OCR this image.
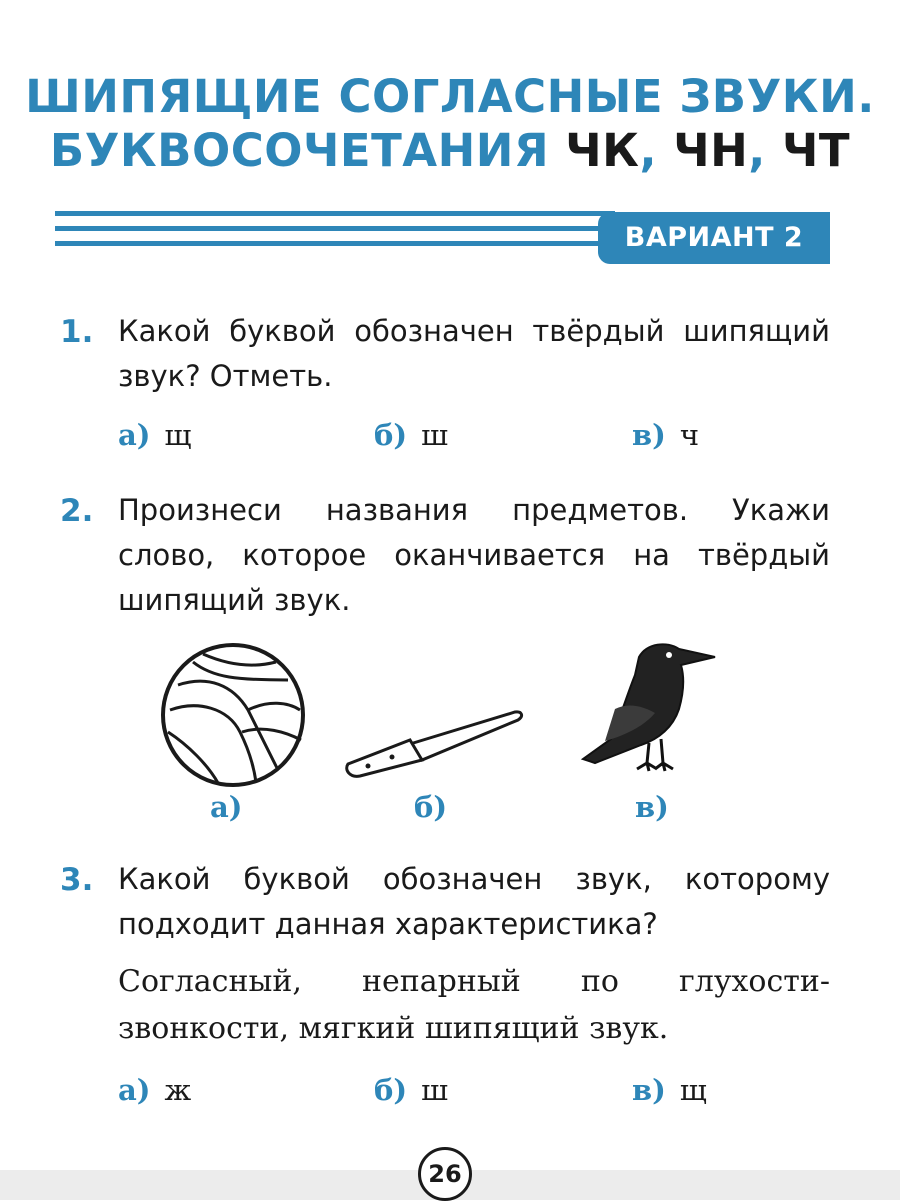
ШИПЯЩИЕ СОГЛАСНЫЕ ЗВУКИ.
БУКВОСОЧЕТАНИЯ ЧК, ЧН, ЧТ
ВАРИАНТ 2
1. Какой буквой обозначен твёрдый шипящий звук? Отметь.
а) щ	б) ш	в) ч
2. Произнеси названия предметов. Укажи слово, которое оканчивается на твёрдый шипящий звук.
а)	б)	в)
3. Какой буквой обозначен звук, которому подходит данная характеристика?
Согласный, непарный по глухости-звонкости, мягкий шипящий звук.
а) ж	б) ш	в) щ
26
